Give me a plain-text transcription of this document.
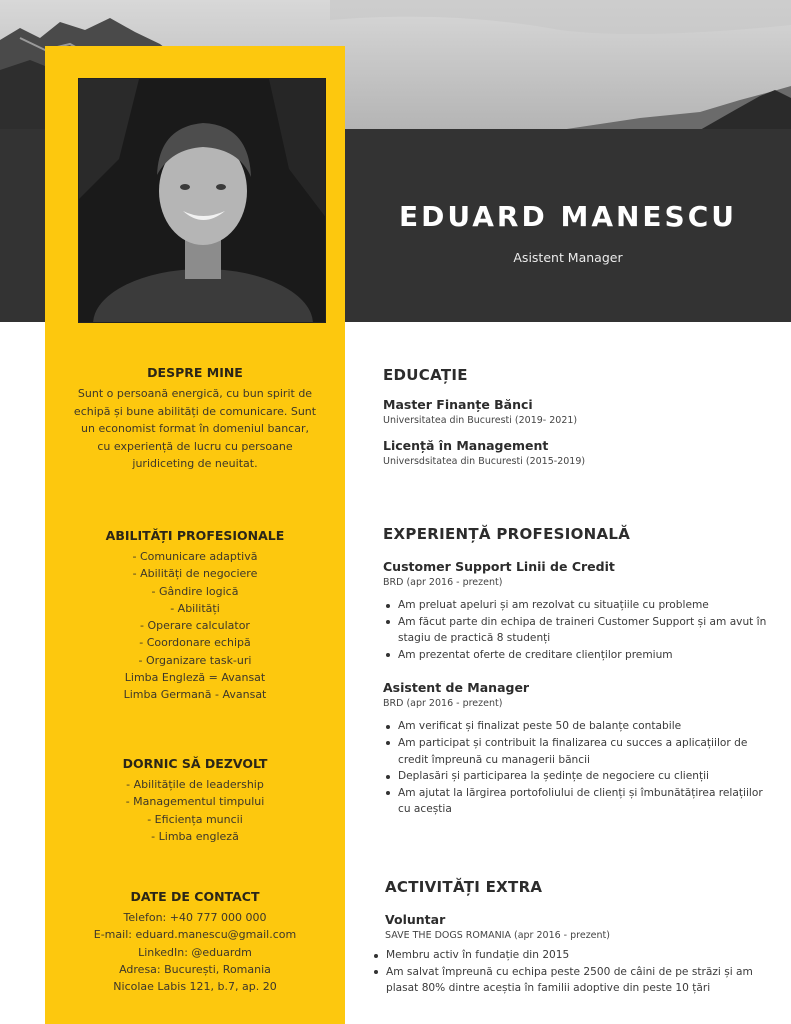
EDUARD MANESCU
Asistent Manager
DESPRE MINE
Sunt o persoană energică, cu bun spirit de echipă și bune abilități de comunicare. Sunt un economist format în domeniul bancar, cu experiență de lucru cu persoane juridiceting de neuitat.
ABILITĂȚI PROFESIONALE
- Comunicare adaptivă
- Abilități de negociere
- Gândire logică
- Abilități
- Operare calculator
- Coordonare echipă
- Organizare task-uri
Limba Engleză = Avansat
Limba Germană - Avansat
DORNIC SĂ DEZVOLT
- Abilitățile de leadership
- Managementul timpului
- Eficiența muncii
- Limba engleză
DATE DE CONTACT
Telefon: +40 777 000 000
E-mail: eduard.manescu@gmail.com
LinkedIn: @eduardm
Adresa: București, Romania
Nicolae Labis 121, b.7, ap. 20
EDUCAȚIE
Master Finanțe Bănci
Universitatea din Bucuresti (2019- 2021)
Licență în Management
Universdsitatea din Bucuresti (2015-2019)
EXPERIENȚĂ PROFESIONALĂ
Customer Support Linii de Credit
BRD (apr 2016 - prezent)
Am preluat apeluri și am rezolvat cu situațiile cu probleme
Am făcut parte din echipa de traineri Customer Support și am avut în stagiu de practică 8 studenți
Am prezentat oferte de creditare clienților premium
Asistent de Manager
BRD (apr 2016 - prezent)
Am verificat și finalizat peste 50 de balanțe contabile
Am participat și contribuit la finalizarea cu succes a aplicațiilor de credit împreună cu managerii băncii
Deplasări și participarea la ședințe de negociere cu clienții
Am ajutat la lărgirea portofoliului de clienți și îmbunătățirea relațiilor cu aceștia
ACTIVITĂȚI EXTRA
Voluntar
SAVE THE DOGS ROMANIA (apr 2016 - prezent)
Membru activ în fundație din 2015
Am salvat împreună cu echipa peste 2500 de câini de pe străzi și am plasat 80% dintre aceștia în familii adoptive din peste 10 țări
